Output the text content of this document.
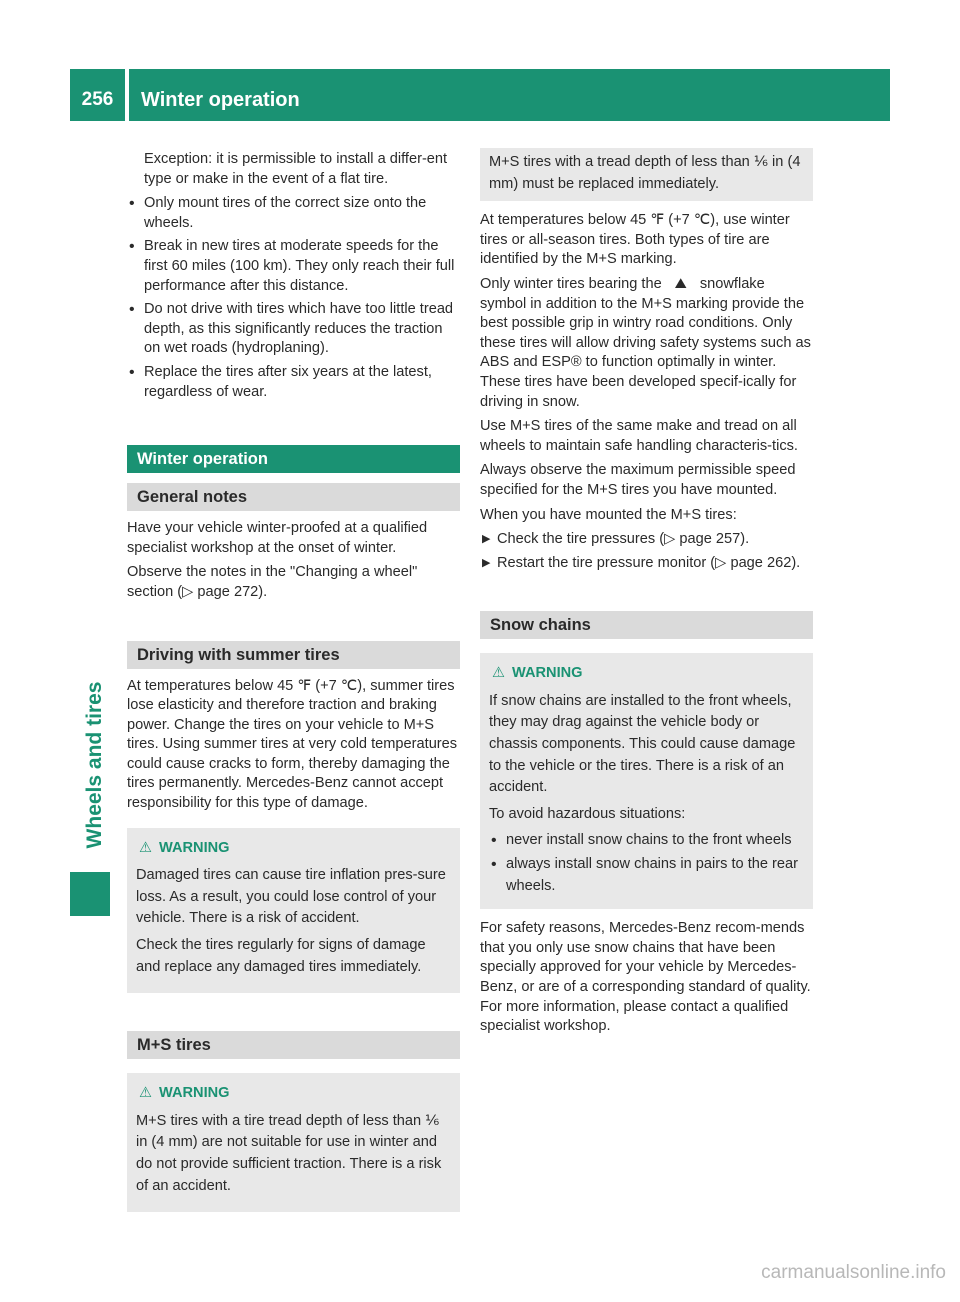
256	Winter operation
Wheels and tires

Exception: it is permissible to install a differ-ent type or make in the event of a flat tire.

• Only mount tires of the correct size onto the wheels.
• Break in new tires at moderate speeds for the first 60 miles (100 km). They only reach their full performance after this distance.
• Do not drive with tires which have too little tread depth, as this significantly reduces the traction on wet roads (hydroplaning).
• Replace the tires after six years at the latest, regardless of wear.
Winter operation
General notes

Have your vehicle winter-proofed at a qualified specialist workshop at the onset of winter.

Observe the notes in the "Changing a wheel" section (▷ page 272).

Driving with summer tires

At temperatures below 45 ℉ (+7 ℃), summer tires lose elasticity and therefore traction and braking power. Change the tires on your vehicle to M+S tires. Using summer tires at very cold temperatures could cause cracks to form, thereby damaging the tires permanently. Mercedes-Benz cannot accept responsibility for this type of damage.

⚠ WARNING

Damaged tires can cause tire inflation pres-sure loss. As a result, you could lose control of your vehicle. There is a risk of accident.

Check the tires regularly for signs of damage and replace any damaged tires immediately.

M+S tires
⚠ WARNING

M+S tires with a tire tread depth of less than ⅙ in (4 mm) are not suitable for use in winter and do not provide sufficient traction. There is a risk of an accident.

M+S tires with a tread depth of less than ⅙ in (4 mm) must be replaced immediately.

At temperatures below 45 ℉ (+7 ℃), use winter tires or all-season tires. Both types of tire are identified by the M+S marking.

Only winter tires bearing the ⛰ snowflake symbol in addition to the M+S marking provide the best possible grip in wintry road conditions. Only these tires will allow driving safety systems such as ABS and ESP® to function optimally in winter. These tires have been developed specif-ically for driving in snow.

Use M+S tires of the same make and tread on all wheels to maintain safe handling characteris-tics.

Always observe the maximum permissible speed specified for the M+S tires you have mounted.

When you have mounted the M+S tires:

▶ Check the tire pressures (▷ page 257).
▶ Restart the tire pressure monitor (▷ page 262).
Snow chains
⚠ WARNING

If snow chains are installed to the front wheels, they may drag against the vehicle body or chassis components. This could cause damage to the vehicle or the tires. There is a risk of an accident.

To avoid hazardous situations:

• never install snow chains to the front wheels
• always install snow chains in pairs to the rear wheels.

For safety reasons, Mercedes-Benz recom-mends that you only use snow chains that have been specially approved for your vehicle by Mercedes-Benz, or are of a corresponding standard of quality. For more information, please contact a qualified specialist workshop.

carmanualsonline.info
